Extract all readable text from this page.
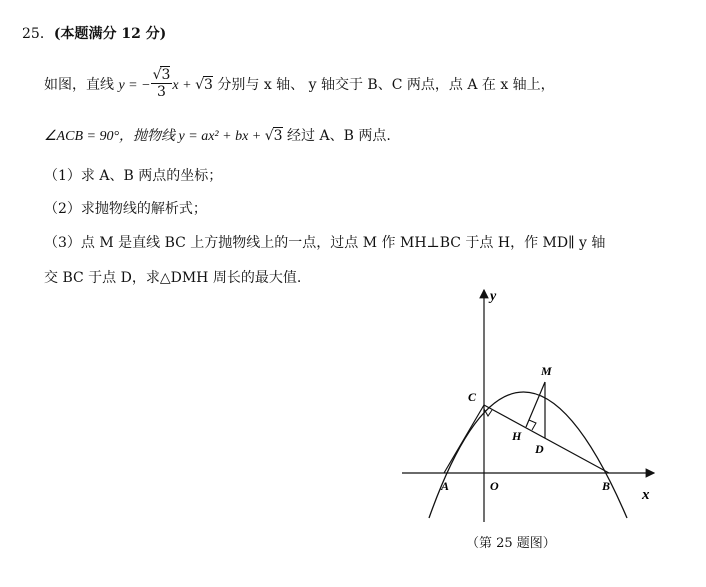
25．(本题满分 12 分)
如图，直线 y = − $\frac{√3}{3}$ x + √3 分别与 x 轴、 y 轴交于 B、C 两点，点 A 在 x 轴上，
∠ACB = 90°，抛物线 y = ax² + bx + √3 经过 A、B 两点.
（1）求 A、B 两点的坐标；
（2）求抛物线的解析式；
（3）点 M 是直线 BC 上方抛物线上的一点，过点 M 作 MH⊥BC 于点 H，作 MD∥ y 轴
交 BC 于点 D，求△DMH 周长的最大值.
y
x
O
A	B
C
M
H
D
（第 25 题图）
